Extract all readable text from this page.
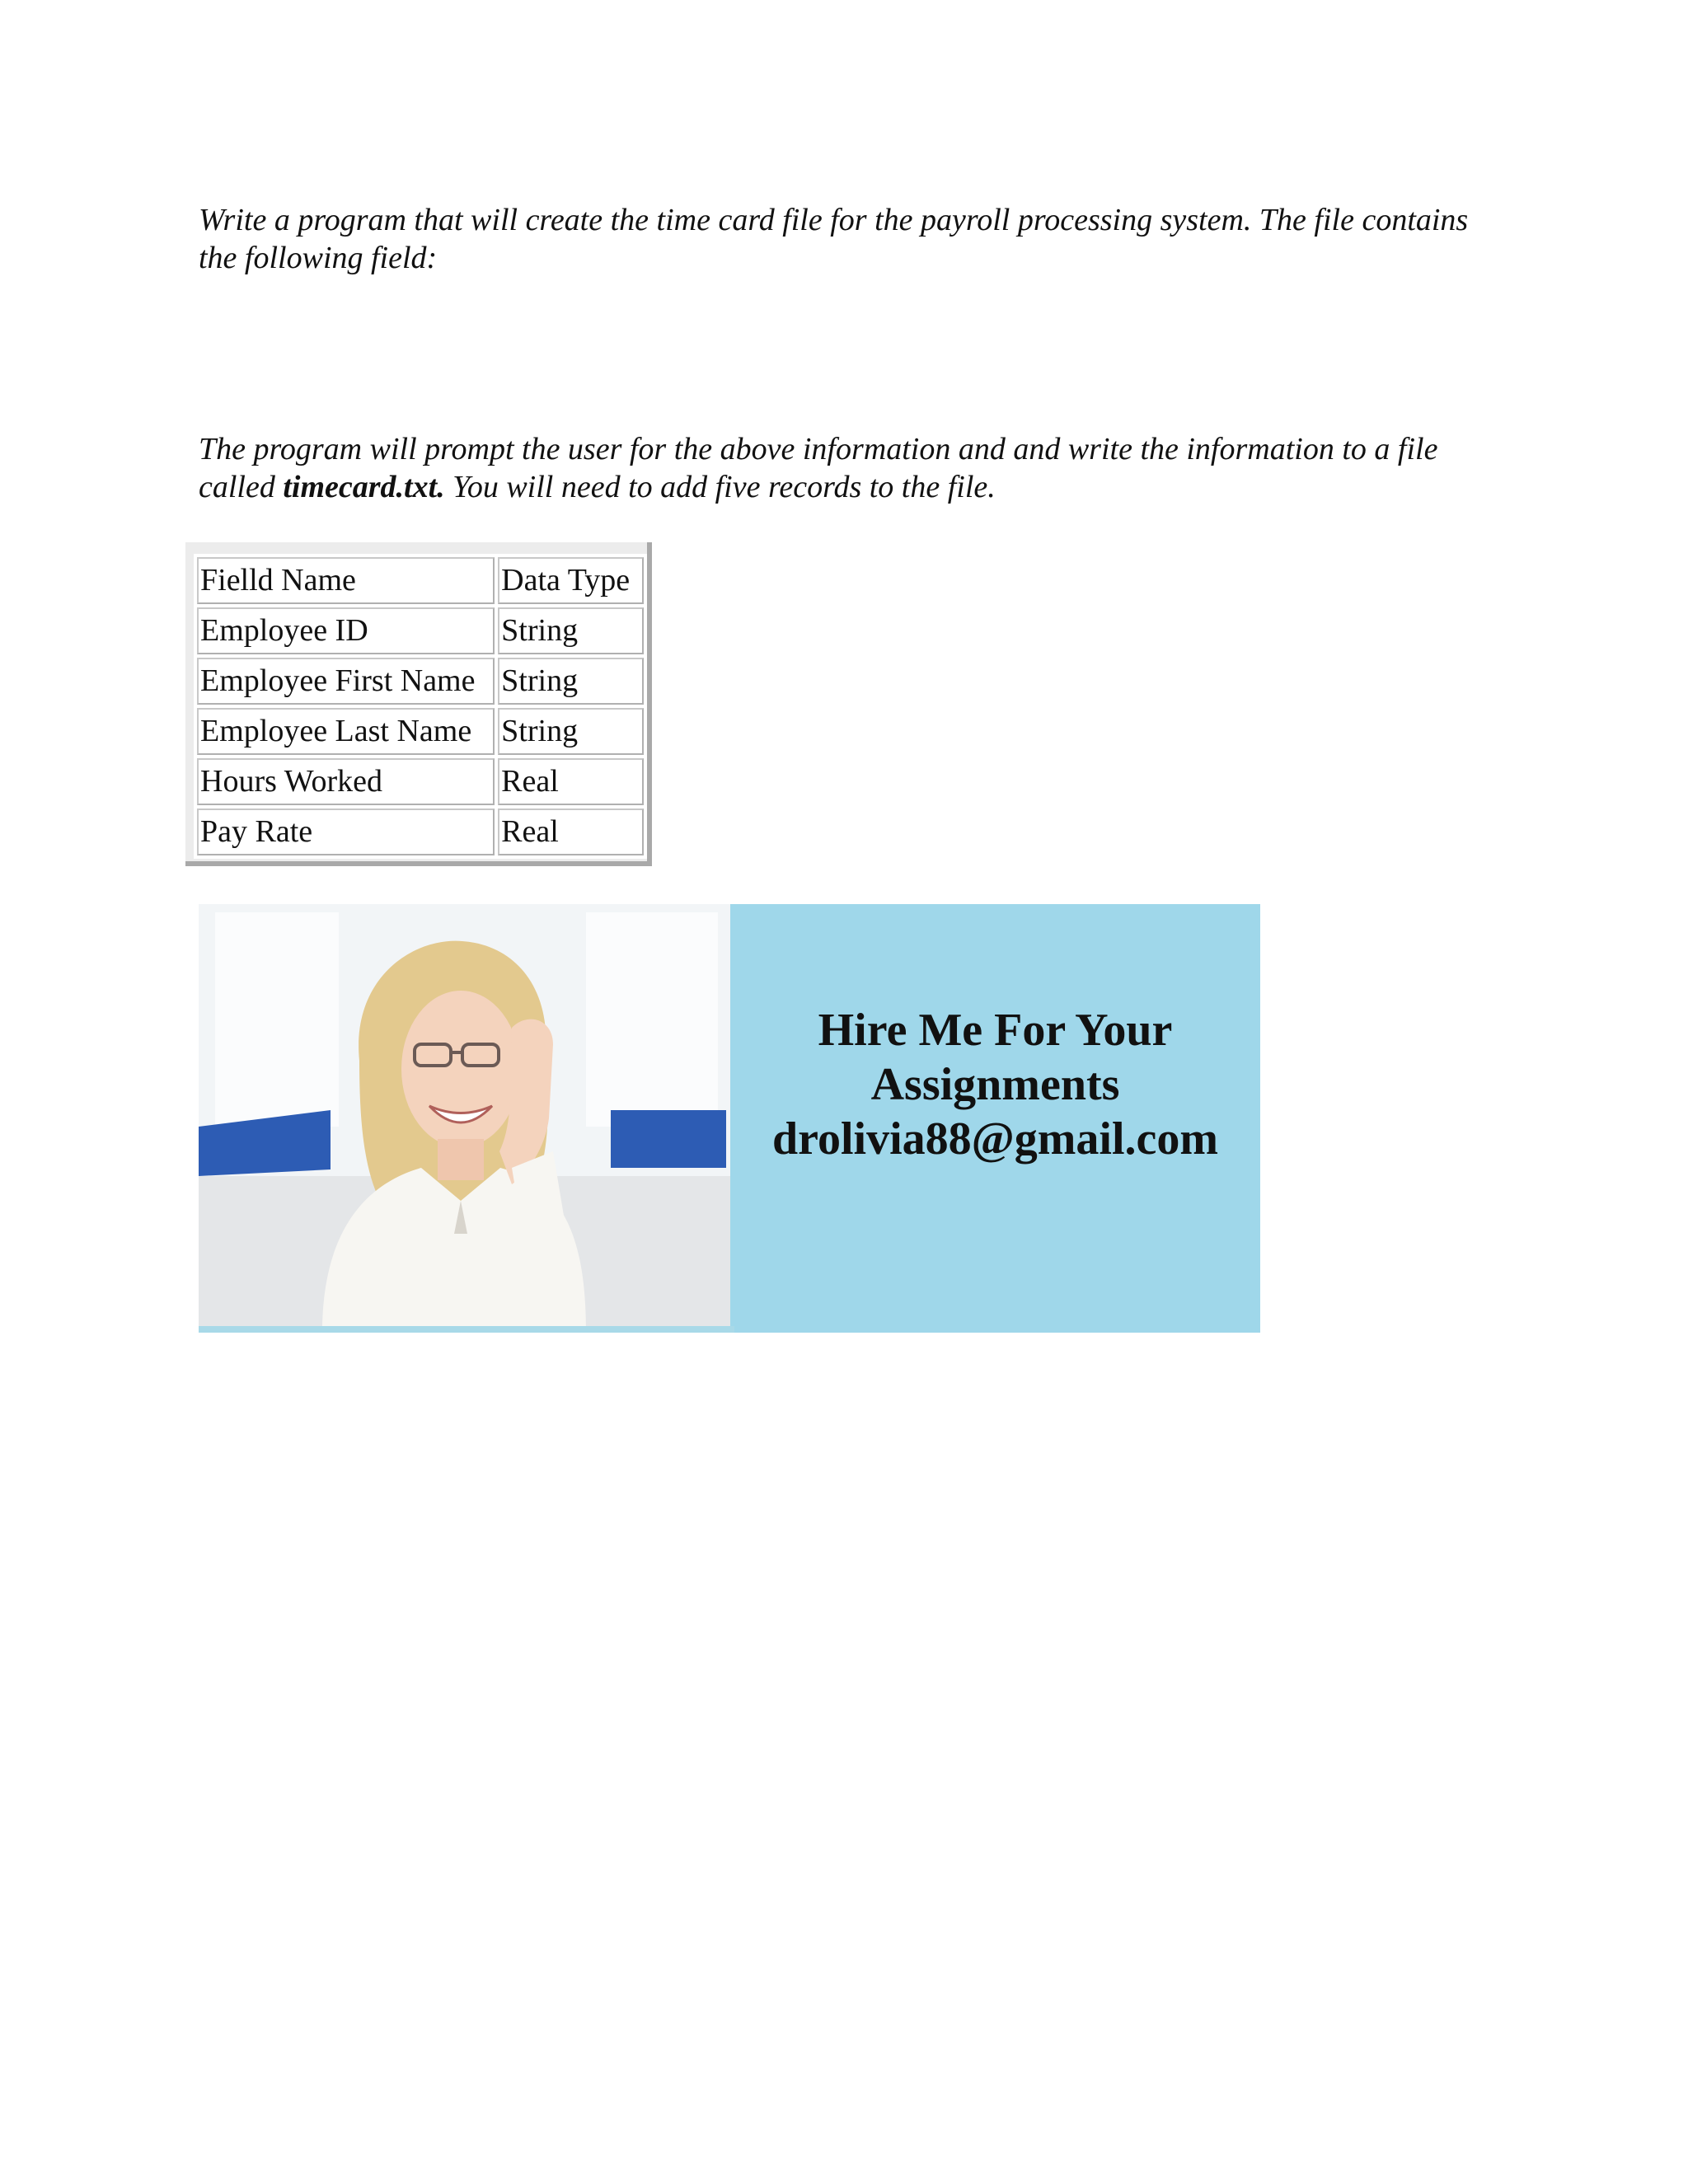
Write a program that will create the time card file for the payroll processing system. The file contains the following field:

The program will prompt the user for the above information and and write the information to a file called timecard.txt. You will need to add five records to the file.

Fielld Name	Data Type
Employee ID	String
Employee First Name	String
Employee Last Name	String
Hours Worked	Real
Pay Rate	Real
Hire Me For Your
Assignments
drolivia88@gmail.com
